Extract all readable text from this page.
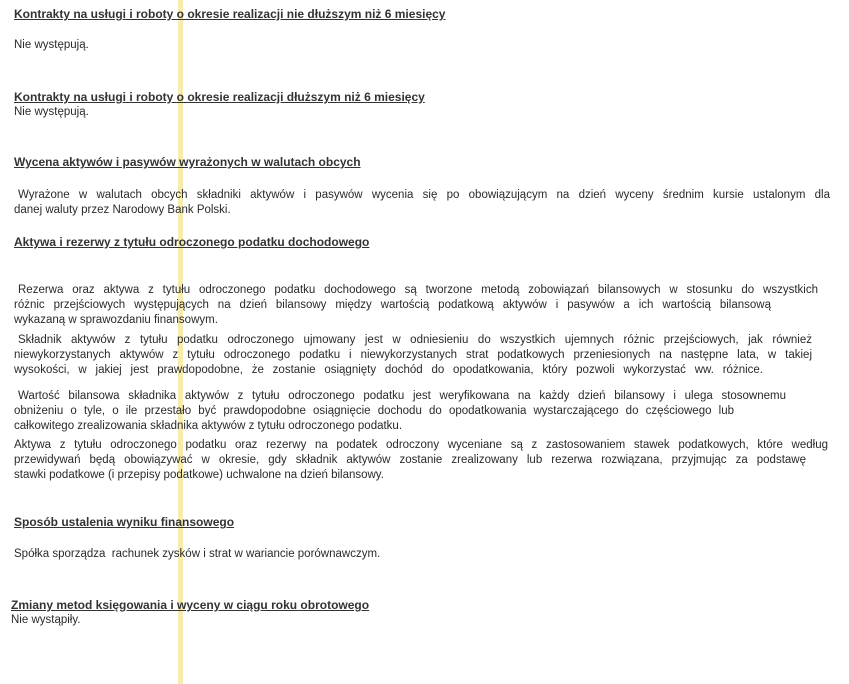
Kontrakty na usługi i roboty o okresie realizacji nie dłuższym niż 6 miesięcy
Nie występują.
Kontrakty na usługi i roboty o okresie realizacji dłuższym niż 6 miesięcy
Nie występują.
Wycena aktywów i pasywów wyrażonych w walutach obcych
Wyrażone w walutach obcych składniki aktywów i pasywów wycenia się po obowiązującym na dzień wyceny średnim kursie ustalonym dla
danej waluty przez Narodowy Bank Polski.
Aktywa i rezerwy z tytułu odroczonego podatku dochodowego
Rezerwa oraz aktywa z tytułu odroczonego podatku dochodowego są tworzone metodą zobowiązań bilansowych w stosunku do wszystkich
różnic przejściowych występujących na dzień bilansowy między wartością podatkową aktywów i pasywów a ich wartością bilansową
wykazaną w sprawozdaniu finansowym.
Składnik aktywów z tytułu podatku odroczonego ujmowany jest w odniesieniu do wszystkich ujemnych różnic przejściowych, jak również
niewykorzystanych aktywów z tytułu odroczonego podatku i niewykorzystanych strat podatkowych przeniesionych na następne lata, w takiej
wysokości, w jakiej jest prawdopodobne, że zostanie osiągnięty dochód do opodatkowania, który pozwoli wykorzystać ww. różnice.
Wartość bilansowa składnika aktywów z tytułu odroczonego podatku jest weryfikowana na każdy dzień bilansowy i ulega stosownemu
obniżeniu o tyle, o ile przestało być prawdopodobne osiągnięcie dochodu do opodatkowania wystarczającego do częściowego lub
całkowitego zrealizowania składnika aktywów z tytułu odroczonego podatku.
Aktywa z tytułu odroczonego podatku oraz rezerwy na podatek odroczony wyceniane są z zastosowaniem stawek podatkowych, które według
przewidywań będą obowiązywać w okresie, gdy składnik aktywów zostanie zrealizowany lub rezerwa rozwiązana, przyjmując za podstawę
stawki podatkowe (i przepisy podatkowe) uchwalone na dzień bilansowy.
Sposób ustalenia wyniku finansowego
Spółka sporządza  rachunek zysków i strat w wariancie porównawczym.
Zmiany metod księgowania i wyceny w ciągu roku obrotowego
Nie wystąpiły.
